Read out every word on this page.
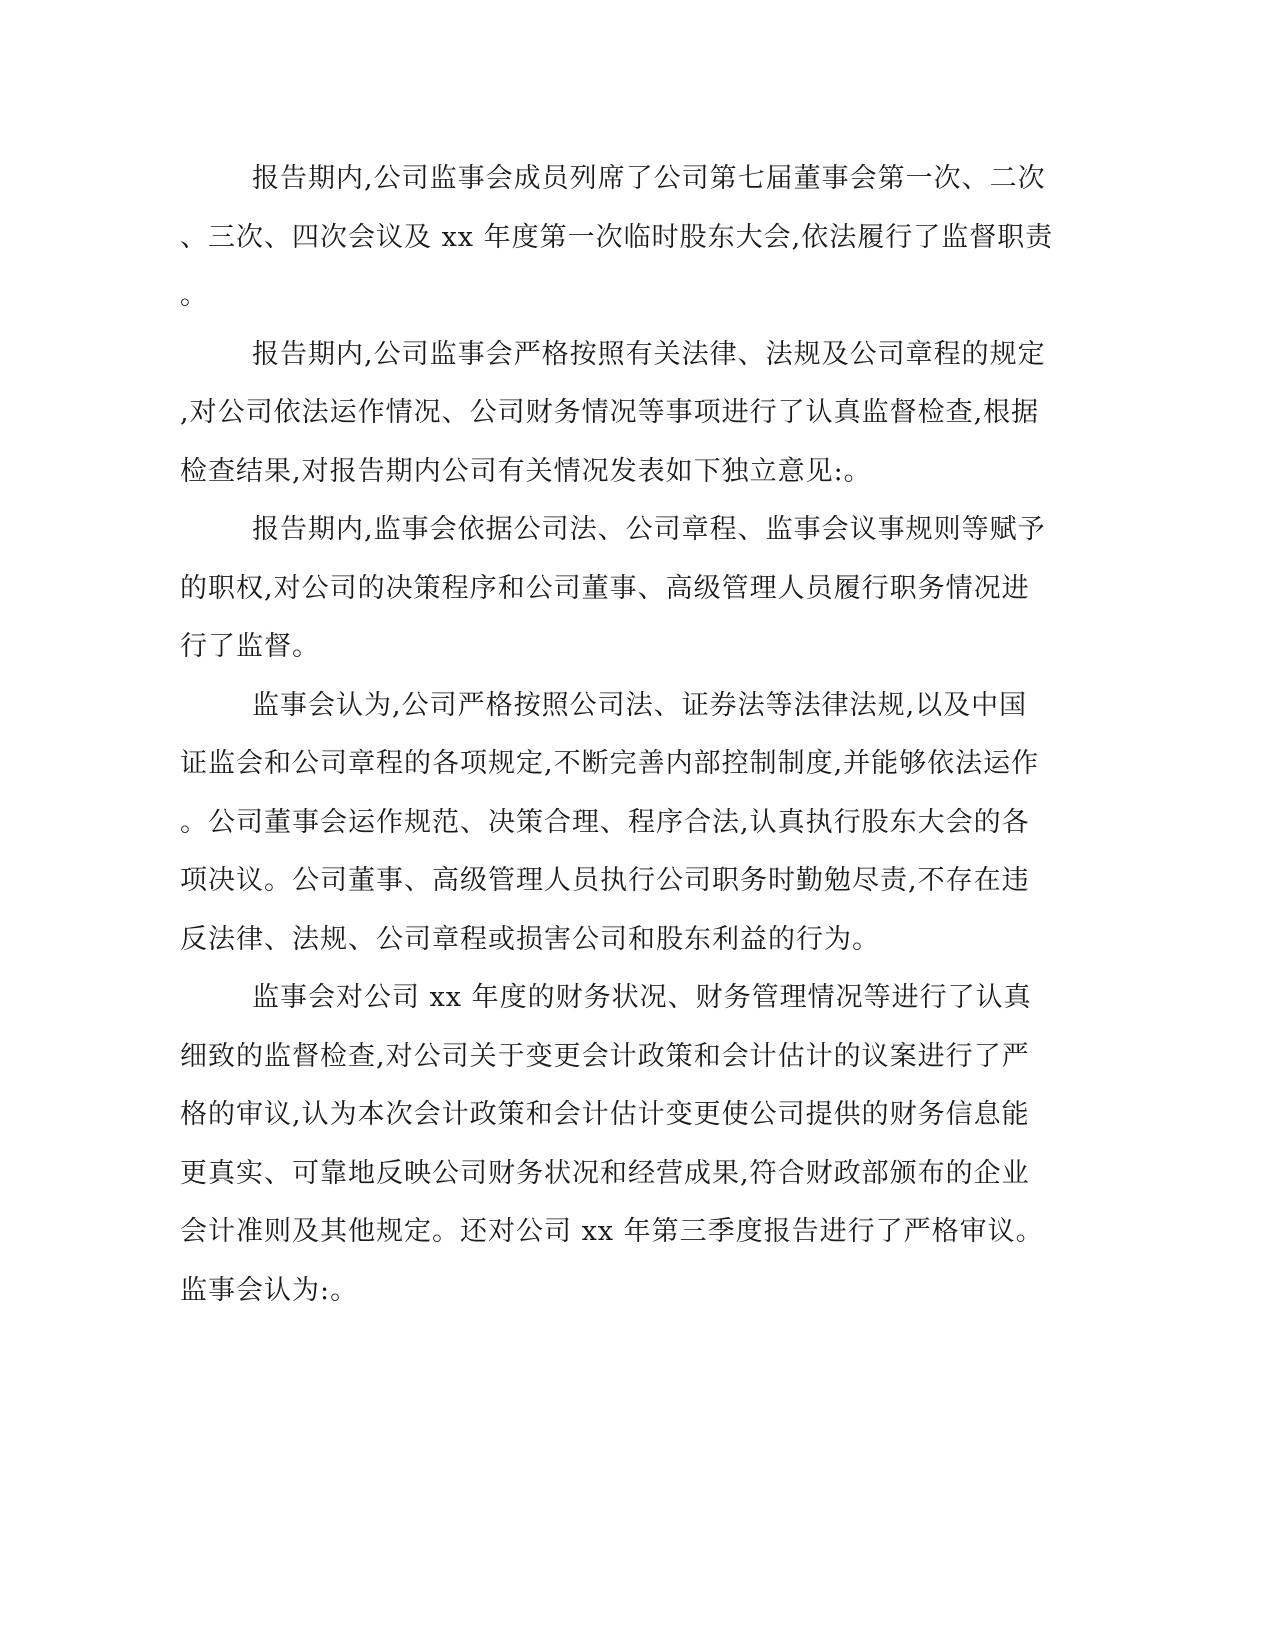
报告期内,公司监事会成员列席了公司第七届董事会第一次、二次
、三次、四次会议及 xx 年度第一次临时股东大会,依法履行了监督职责
。
报告期内,公司监事会严格按照有关法律、法规及公司章程的规定
,对公司依法运作情况、公司财务情况等事项进行了认真监督检查,根据
检查结果,对报告期内公司有关情况发表如下独立意见:。
报告期内,监事会依据公司法、公司章程、监事会议事规则等赋予
的职权,对公司的决策程序和公司董事、高级管理人员履行职务情况进
行了监督。
监事会认为,公司严格按照公司法、证券法等法律法规,以及中国
证监会和公司章程的各项规定,不断完善内部控制制度,并能够依法运作
。公司董事会运作规范、决策合理、程序合法,认真执行股东大会的各
项决议。公司董事、高级管理人员执行公司职务时勤勉尽责,不存在违
反法律、法规、公司章程或损害公司和股东利益的行为。
监事会对公司 xx 年度的财务状况、财务管理情况等进行了认真
细致的监督检查,对公司关于变更会计政策和会计估计的议案进行了严
格的审议,认为本次会计政策和会计估计变更使公司提供的财务信息能
更真实、可靠地反映公司财务状况和经营成果,符合财政部颁布的企业
会计准则及其他规定。还对公司 xx 年第三季度报告进行了严格审议。
监事会认为:。
